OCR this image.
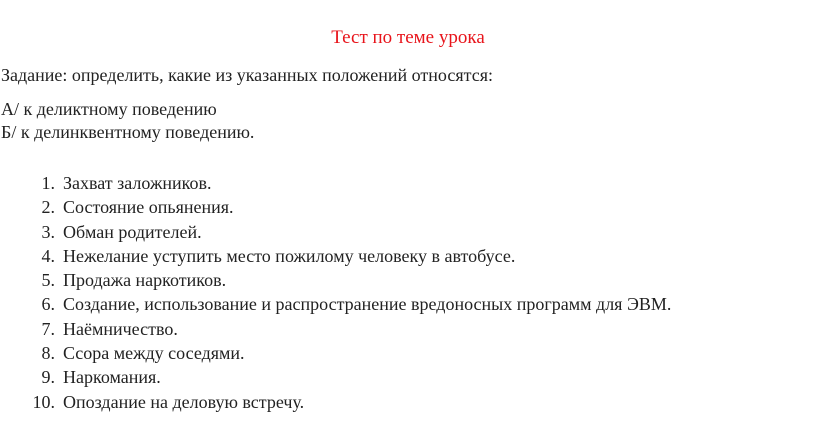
Тест по теме урока
Задание: определить, какие из указанных положений относятся:
А/ к деликтному поведению
Б/ к делинквентному поведению.
1. Захват заложников.
2. Состояние опьянения.
3. Обман родителей.
4. Нежелание уступить место пожилому человеку в автобусе.
5. Продажа наркотиков.
6. Создание, использование и распространение вредоносных программ для ЭВМ.
7. Наёмничество.
8. Ссора между соседями.
9. Наркомания.
10. Опоздание на деловую встречу.
